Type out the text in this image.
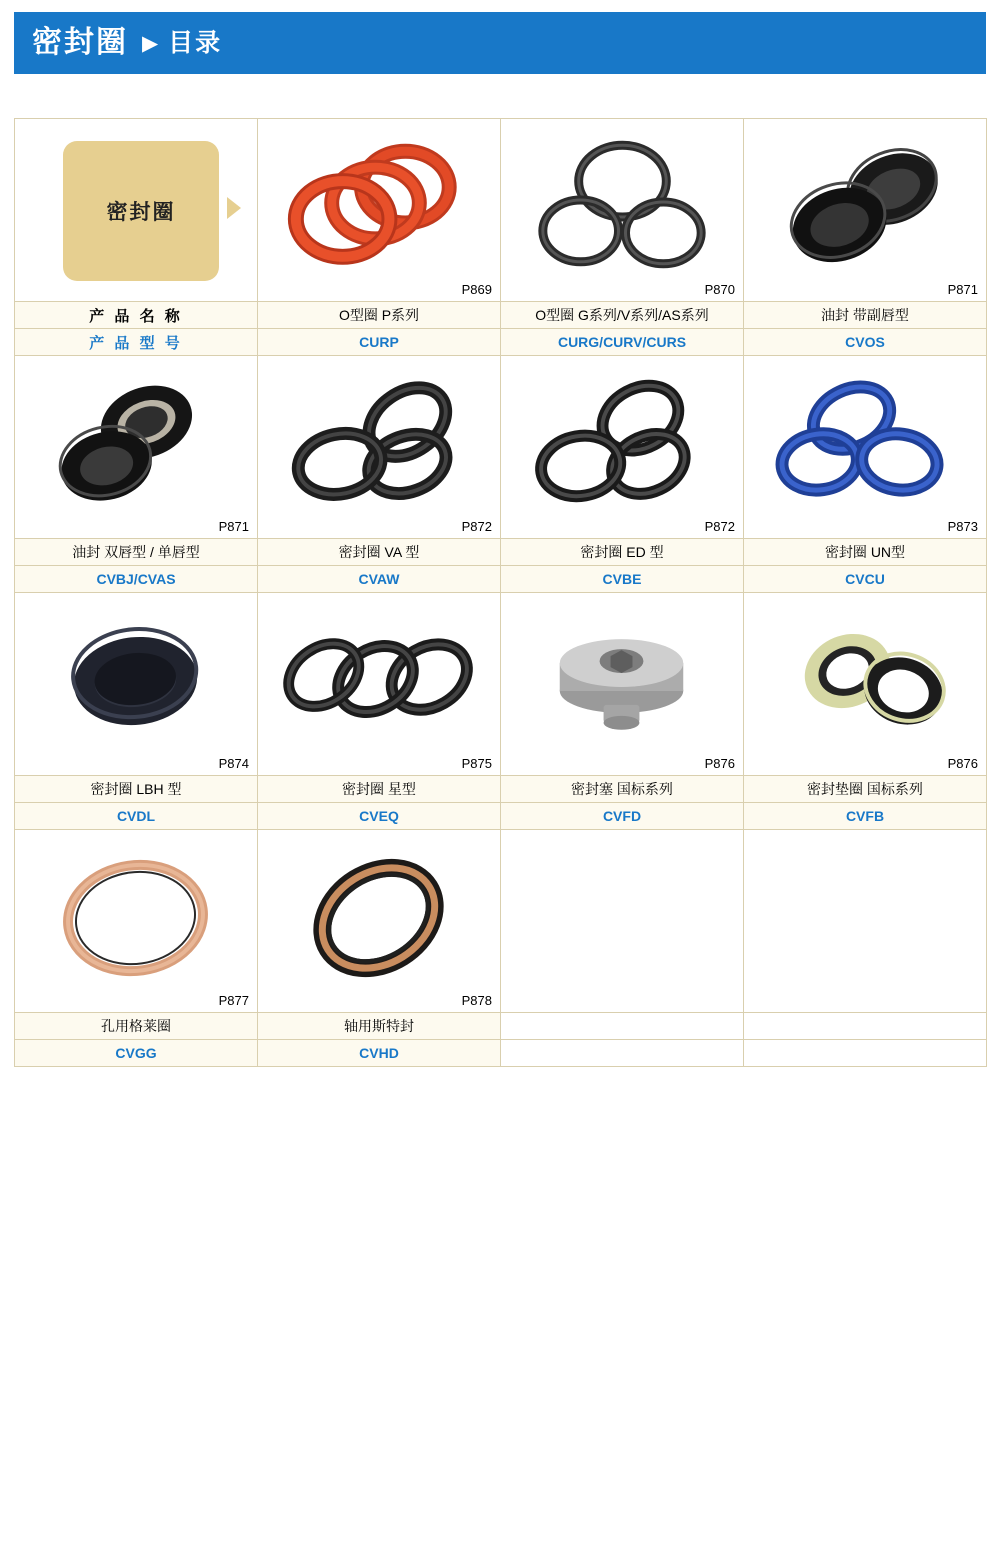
密封圈 ▶ 目录
密封圈	P869	P870	P871

产 品 名 称	O型圈 P系列	O型圈 G系列/V系列/AS系列	油封 带副唇型
产 品 型 号	CURP	CURG/CURV/CURS	CVOS

P871	P872	P872	P873

油封 双唇型 / 单唇型	密封圈 VA 型	密封圈 ED 型	密封圈 UN型
CVBJ/CVAS	CVAW	CVBE	CVCU

P874	P875	P876	P876

密封圈 LBH 型	密封圈 星型	密封塞 国标系列	密封垫圈 国标系列
CVDL	CVEQ	CVFD	CVFB

P877	P878		

孔用格莱圈	轴用斯特封		
CVGG	CVHD		
